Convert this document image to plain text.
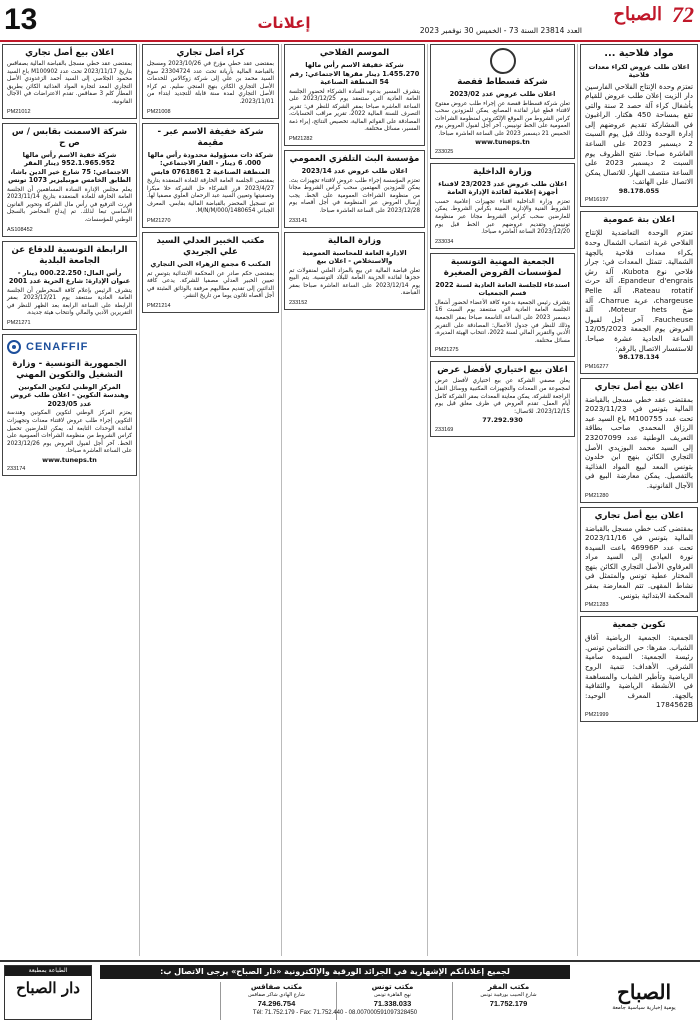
13	إعلانات	العدد 23814 السنة 73 - الخميس 30 نوفمبر 2023
72
الصباح
مواد فلاحية ...
اعلان طلب عروض لكراء معدات فلاحية
تعتزم وحدة الإنتاج الفلاحي الفارسين دار الزيت إعلان طلب عروض للقيام بأشغال كراء آلة حصد 2 سنة والتي تقع بمساحة 450 هكتار. الراغبون في المشاركة تقديم عروضهم إلى إدارة الوحدة وذلك قبل يوم السبت 2 ديسمبر 2023 على الساعة العاشرة صباحا. تفتح الظروف يوم السبت 2 ديسمبر 2023 على الساعة منتصف النهار. للاتصال يمكن الاتصال على الهاتف:
98.178.055
PM16197
اعلان بتة عمومية
تعتزم الوحدة التعاضدية للإنتاج الفلاحي غربة انتصاب الشمال وحدة بكراء معدات فلاحية بالجهة الشمالية. تتمثل المعدات في: جرار فلاحي نوع Kubota، آلة رش Epandeur d'engrais، آلة حرث Rateau rotatif، آلة Pelle chargeuse، عربة Charrue، آلة ضخ Moteur hets، آلة Faucheuse. آخر أجل لقبول العروض يوم الجمعة 12/05/2023 الساعة الحادية عشرة صباحا. للاستفسار الاتصال بالرقم:
98.178.134
PM16277
اعلان بيع أصل تجاري
بمقتضى عقد خطي مسجل بالقباضة المالية بتونس في 2023/11/23 تحت عدد M100755 باع السيد عبد الرزاق المحمدي صاحب بطاقة التعريف الوطنية عدد 23207099 إلى السيد محمد البوزيدي الأصل التجاري الكائن بنهج ابن خلدون بتونس المعد لبيع المواد الغذائية بالتفصيل. يمكن معارضة البيع في الآجال القانونية.
PM21280
اعلان بيع أصل تجاري
بمقتضى كتب خطي مسجل بالقباضة المالية بتونس في 2023/11/16 تحت عدد 46996P باعت السيدة نورة العيادي إلى السيد مراد العرفاوي الأصل التجاري الكائن بنهج المختار عطية تونس والمتمثل في نشاط المقهى. تتم المعارضة بمقر المحكمة الابتدائية بتونس.
PM21283
تكوين جمعية
الجمعية: الجمعية الرياضية آفاق الشباب. مقرها: حي التضامن تونس. رئيسة الجمعية: السيدة سامية الشرقي. الأهداف: تنمية الروح الرياضية وتأطير الشباب والمساهمة في الأنشطة الرياضية والثقافية بالجهة. المعرف الوحيد: 1784562B
PM21999
شركة قسطاط قفصة
اعلان طلب عروض عدد 2023/02
تعلن شركة قسطاط قفصة عن إجراء طلب عروض مفتوح لاقتناء قطع غيار لفائدة المصانع. يمكن للمزودين سحب كراس الشروط من الموقع الإلكتروني لمنظومة الشراءات العمومية على الخط تونيبس. آخر أجل لقبول العروض يوم الخميس 21 ديسمبر 2023 على الساعة العاشرة صباحا.
www.tuneps.tn
233025
وزارة الداخلية
اعلان طلب عروض عدد 23/2023 لاقتناء أجهزة إعلامية لفائدة الإدارة العامة
تعتزم وزارة الداخلية اقتناء تجهيزات إعلامية حسب الشروط الفنية والإدارية المبينة بكراس الشروط. يمكن للعارضين سحب كراس الشروط مجانا عبر منظومة تونيبس وتقديم عروضهم عبر الخط قبل يوم 2023/12/20 الساعة العاشرة صباحا.
233034
الجمعية المهنية التونسية لمؤسسات القروض الصغيرة
استدعاء للجلسة العامة العادية لسنة 2022 قسم الجمعيات
يتشرف رئيس الجمعية بدعوة كافة الأعضاء لحضور أشغال الجلسة العامة العادية التي ستنعقد يوم السبت 16 ديسمبر 2023 على الساعة التاسعة صباحا بمقر الجمعية وذلك للنظر في جدول الأعمال: المصادقة على التقرير الأدبي والتقرير المالي لسنة 2022، انتخاب الهيئة المديرة، مسائل مختلفة.
PM21275
اعلان بيع اختياري لأفضل عرض
يعلن مصفي الشركة عن بيع اختياري لأفضل عرض لمجموعة من المعدات والتجهيزات المكتبية ووسائل النقل الراجعة للشركة. يمكن معاينة المعدات بمقر الشركة كامل أيام العمل. تقدم العروض في ظرف مغلق قبل يوم 2023/12/15. للاتصال:
77.292.930
233169
الموسم الفلاحي
شركة خفيفة الاسم رأس مالها 1.455.270 دينار مقرها الاجتماعي: رقم 54 المنطقة الصناعية
يتشرف المسير بدعوة السادة الشركاء لحضور الجلسة العامة العادية التي ستنعقد يوم 2023/12/25 على الساعة العاشرة صباحا بمقر الشركة للنظر في: تقرير التصرف للسنة المالية 2022، تقرير مراقب الحسابات، المصادقة على القوائم المالية، تخصيص النتائج، إبراء ذمة المسير، مسائل مختلفة.
PM21282
مؤسسة البث التلفزي العمومي
اعلان طلب عروض عدد 2023/14
تعتزم المؤسسة إجراء طلب عروض لاقتناء تجهيزات بث. يمكن للمزودين المهتمين سحب كراس الشروط مجانا من منظومة الشراءات العمومية على الخط. يجب إرسال العروض عبر المنظومة في أجل أقصاه يوم 2023/12/28 على الساعة العاشرة صباحا.
233141
وزارة المالية
الادارة العامة للمحاسبة العمومية والاستخلاص - اعلان بيع
تعلن قباضة المالية عن بيع بالمزاد العلني لمنقولات تم حجزها لفائدة الخزينة العامة للبلاد التونسية. يتم البيع يوم 2023/12/14 على الساعة العاشرة صباحا بمقر القباضة.
233152
كراء أصل تجاري
بمقتضى عقد خطي مؤرخ في 2023/10/26 ومسجل بالقباضة المالية بأريانة تحت عدد 23304724 سوغ السيد محمد بن علي إلى شركة زوكالاس للخدمات الأصل التجاري الكائن بنهج المنجي سليم. تم كراء الأصل التجاري لمدة سنة قابلة للتجديد ابتداء من 2023/11/01.
PM21008
شركة خفيفة الاسم عبر - مقيمة
شركة ذات مسؤولية محدودة رأس مالها 000. 6 دينار - القار الاجتماعي: المنطقة الصناعية 2 0761861 قابس
بمقتضى الجلسة العامة الخارقة للعادة المنعقدة بتاريخ 2023/4/27 قرر الشركاء حل الشركة حلا مبكرا وتصفيتها وتعيين السيد عبد الرحمان العلوي مصفيا لها. تم تسجيل المحضر بالقباضة المالية بقابس. المعرف الجبائي 1480654/M/N/M/000.
PM21270
مكتب الخبير العدلي السيد علي الجريدي
المكتب 6 مجمع الزهراء الحي التجاري
بمقتضى حكم صادر عن المحكمة الابتدائية بتونس تم تعيين الخبير العدلي مصفيا للشركة. يدعى كافة الدائنين إلى تقديم مطالبهم مرفقة بالوثائق المثبتة في أجل أقصاه ثلاثون يوما من تاريخ النشر.
PM21214
اعلان بيع أصل تجاري
بمقتضى عقد خطي مسجل بالقباضة المالية بصفاقس بتاريخ 2023/11/17 تحت عدد M100902 باع السيد محمود الجلاصي إلى السيد أحمد الزغدودي الأصل التجاري المعد لتجارة المواد الغذائية الكائن بطريق المطار كلم 3 صفاقس. تقدم الاعتراضات في الآجال القانونية.
PM21012
شركة الاسمنت بقابس / س ص ح
شركة خفية الاسم رأس مالها 952.1.965.952 دينار المقر الاجتماعي: 75 شارع خير الدين باشا، الطابق الخامس مونبليزير 1073 تونس
يعلم مجلس الإدارة السادة المساهمين أن الجلسة العامة الخارقة للعادة المنعقدة بتاريخ 2023/11/14 قررت الترفيع في رأس مال الشركة وتحوير القانون الأساسي تبعا لذلك. تم إيداع المحاضر بالسجل الوطني للمؤسسات.
AS108452
الرابطة التونسية للدفاع عن الجامعة البلدية
رأس المال: 000.22.250 دينار - عنوان الإدارة: شارع الحرية عدد 2001
يتشرف الرئيس بإعلام كافة المنخرطين أن الجلسة العامة العادية ستنعقد يوم 2023/12/21 بمقر الرابطة على الساعة الرابعة بعد الظهر للنظر في التقريرين الأدبي والمالي وانتخاب هيئة جديدة.
PM21271
CENAFFIF
الجمهورية التونسية - وزارة التشغيل والتكوين المهني
المركز الوطني لتكوين المكونين وهندسة التكوين - اعلان طلب عروض عدد 2023/05
يعتزم المركز الوطني لتكوين المكونين وهندسة التكوين إجراء طلب عروض لاقتناء معدات وتجهيزات لفائدة الوحدات التابعة له. يمكن للعارضين تحميل كراس الشروط من منظومة الشراءات العمومية على الخط. آخر أجل لقبول العروض يوم 2023/12/26 على الساعة العاشرة صباحا.
www.tuneps.tn
233174
الطباعة بمطبعة
دار الصباح
لجميع إعلاناتكم الإشهارية في الجرائد الورقية والإلكترونية «دار الصباح» يرجى الاتصال ب:
مكتب المقر
شارع الحبيب بورقيبة تونس
71.752.179
مكتب تونس
نهج القاهرة تونس
71.338.033
مكتب صفاقس
شارع الهادي شاكر صفاقس
74.296.754	الصباح
يومية إخبارية سياسية جامعة
Tél: 71.752.179 - Fax: 71.752.440 - 08.007000591097328450
